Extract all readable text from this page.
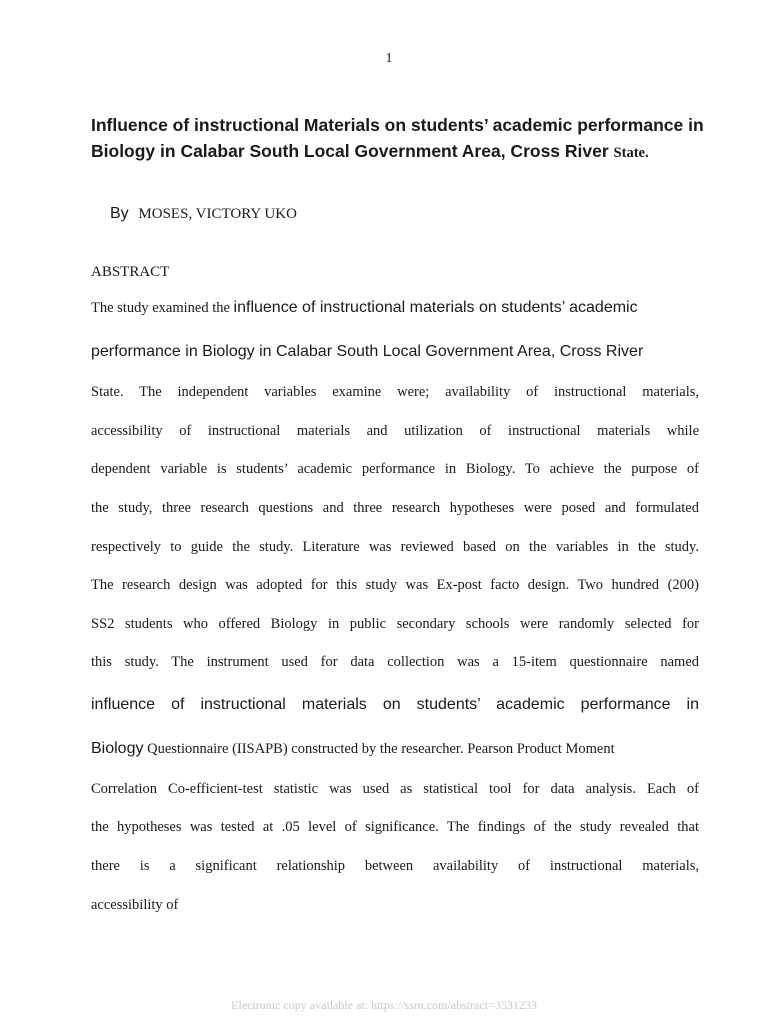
1
Influence of instructional Materials on students’ academic performance in Biology in Calabar South Local Government Area, Cross River State.
By MOSES, VICTORY UKO
ABSTRACT
The study examined the influence of instructional materials on students’ academic
performance in Biology in Calabar South Local Government Area, Cross River
State. The independent variables examine were; availability of instructional materials,
accessibility of instructional materials and utilization of instructional materials while
dependent variable is students’ academic performance in Biology. To achieve the purpose of
the study, three research questions and three research hypotheses were posed and formulated
respectively to guide the study. Literature was reviewed based on the variables in the study.
The research design was adopted for this study was Ex-post facto design. Two hundred (200)
SS2 students who offered Biology in public secondary schools were randomly selected for
this study. The instrument used for data collection was a 15-item questionnaire named
influence of instructional materials on students’ academic performance in
Biology Questionnaire (IISAPB) constructed by the researcher. Pearson Product Moment
Correlation Co-efficient-test statistic was used as statistical tool for data analysis. Each of
the hypotheses was tested at .05 level of significance. The findings of the study revealed that
there is a significant relationship between availability of instructional materials,
accessibility of
Electronic copy available at: https://ssrn.com/abstract=3531233
